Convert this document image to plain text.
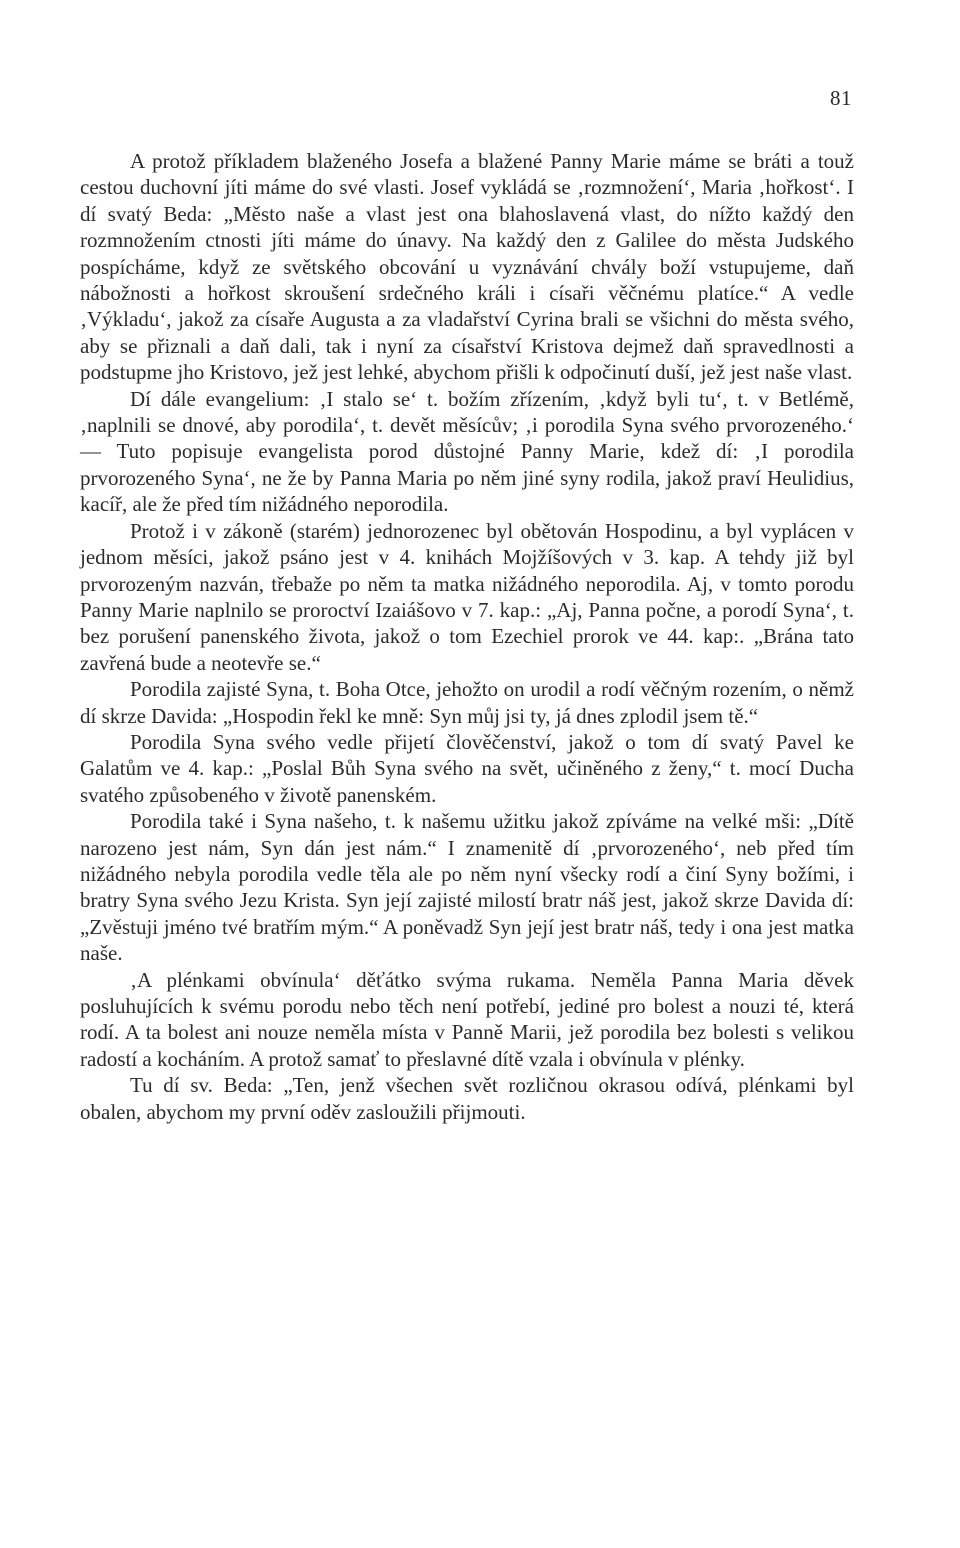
81

A protož příkladem blaženého Josefa a blažené Panny Marie máme se bráti a touž cestou duchovní jíti máme do své vlasti. Josef vykládá se ‚rozmnožení‘, Maria ‚hořkost‘. I dí svatý Beda: „Město naše a vlast jest ona blahoslavená vlast, do nížto každý den rozmnožením ctnosti jíti máme do únavy. Na každý den z Galilee do města Judského pospícháme, když ze světského obcování u vyznávání chvály boží vstupujeme, daň nábožnosti a hořkost skroušení srdečného králi i císaři věčnému platíce.“ A vedle ‚Výkladu‘, jakož za císaře Augusta a za vladařství Cyrina brali se všichni do města svého, aby se přiznali a daň dali, tak i nyní za císařství Kristova dejmež daň spravedlnosti a podstupme jho Kristovo, jež jest lehké, abychom přišli k odpočinutí duší, jež jest naše vlast.

Dí dále evangelium: ‚I stalo se‘ t. božím zřízením, ‚když byli tu‘, t. v Betlémě, ‚naplnili se dnové, aby porodila‘, t. devět měsícův; ‚i porodila Syna svého prvorozeného.‘ — Tuto popisuje evangelista porod důstojné Panny Marie, kdež dí: ‚I porodila prvorozeného Syna‘, ne že by Panna Maria po něm jiné syny rodila, jakož praví Heulidius, kacíř, ale že před tím nižádného neporodila.

Protož i v zákoně (starém) jednorozenec byl obětován Hospodinu, a byl vyplácen v jednom měsíci, jakož psáno jest v 4. knihách Mojžíšových v 3. kap. A tehdy již byl prvorozeným nazván, třebaže po něm ta matka nižádného neporodila. Aj, v tomto porodu Panny Marie naplnilo se proroctví Izaiášovo v 7. kap.: „Aj, Panna počne, a porodí Syna‘, t. bez porušení panenského života, jakož o tom Ezechiel prorok ve 44. kap:. „Brána tato zavřená bude a neotevře se.“

Porodila zajisté Syna, t. Boha Otce, jehožto on urodil a rodí věčným rozením, o němž dí skrze Davida: „Hospodin řekl ke mně: Syn můj jsi ty, já dnes zplodil jsem tě.“

Porodila Syna svého vedle přijetí člověčenství, jakož o tom dí svatý Pavel ke Galatům ve 4. kap.: „Poslal Bůh Syna svého na svět, učiněného z ženy,“ t. mocí Ducha svatého způsobeného v životě panenském.

Porodila také i Syna našeho, t. k našemu užitku jakož zpíváme na velké mši: „Dítě narozeno jest nám, Syn dán jest nám.“ I znamenitě dí ‚prvorozeného‘, neb před tím nižádného nebyla porodila vedle těla ale po něm nyní všecky rodí a činí Syny božími, i bratry Syna svého Jezu Krista. Syn její zajisté milostí bratr náš jest, jakož skrze Davida dí: „Zvěstuji jméno tvé bratřím mým.“ A poněvadž Syn její jest bratr náš, tedy i ona jest matka naše.

‚A plénkami obvínula‘ děťátko svýma rukama. Neměla Panna Maria děvek posluhujících k svému porodu nebo těch není potřebí, jediné pro bolest a nouzi té, která rodí. A ta bolest ani nouze neměla místa v Panně Marii, jež porodila bez bolesti s velikou radostí a kocháním. A protož samať to přeslavné dítě vzala i obvínula v plénky.

Tu dí sv. Beda: „Ten, jenž všechen svět rozličnou okrasou odívá, plénkami byl obalen, abychom my první oděv zasloužili přijmouti.
